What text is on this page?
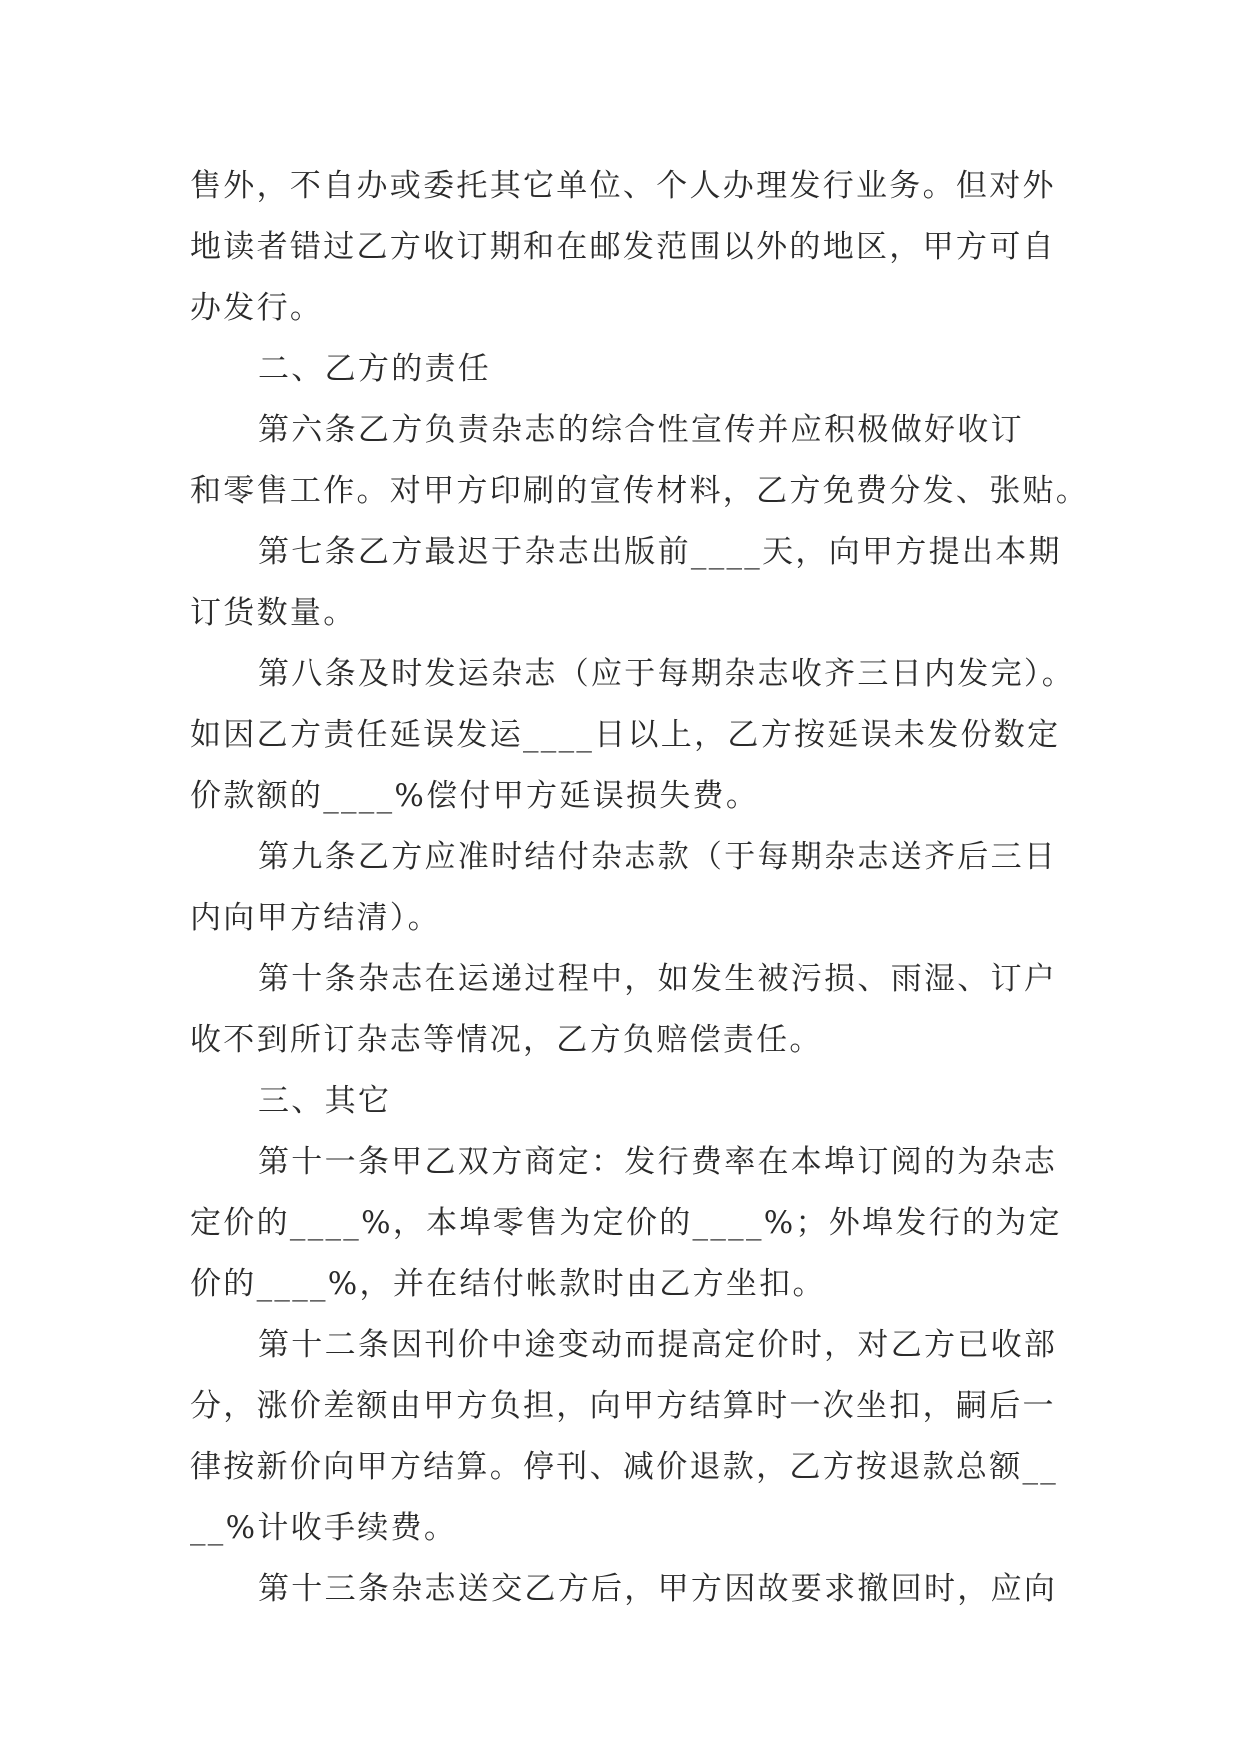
售外，不自办或委托其它单位、个人办理发行业务。但对外
地读者错过乙方收订期和在邮发范围以外的地区，甲方可自
办发行。
二、乙方的责任
第六条乙方负责杂志的综合性宣传并应积极做好收订
和零售工作。对甲方印刷的宣传材料，乙方免费分发、张贴。
第七条乙方最迟于杂志出版前____天，向甲方提出本期
订货数量。
第八条及时发运杂志（应于每期杂志收齐三日内发完）。
如因乙方责任延误发运____日以上，乙方按延误未发份数定
价款额的____%偿付甲方延误损失费。
第九条乙方应准时结付杂志款（于每期杂志送齐后三日
内向甲方结清）。
第十条杂志在运递过程中，如发生被污损、雨湿、订户
收不到所订杂志等情况，乙方负赔偿责任。
三、其它
第十一条甲乙双方商定：发行费率在本埠订阅的为杂志
定价的____%，本埠零售为定价的____%；外埠发行的为定
价的____%，并在结付帐款时由乙方坐扣。
第十二条因刊价中途变动而提高定价时，对乙方已收部
分，涨价差额由甲方负担，向甲方结算时一次坐扣，嗣后一
律按新价向甲方结算。停刊、减价退款，乙方按退款总额__
__%计收手续费。
第十三条杂志送交乙方后，甲方因故要求撤回时，应向
